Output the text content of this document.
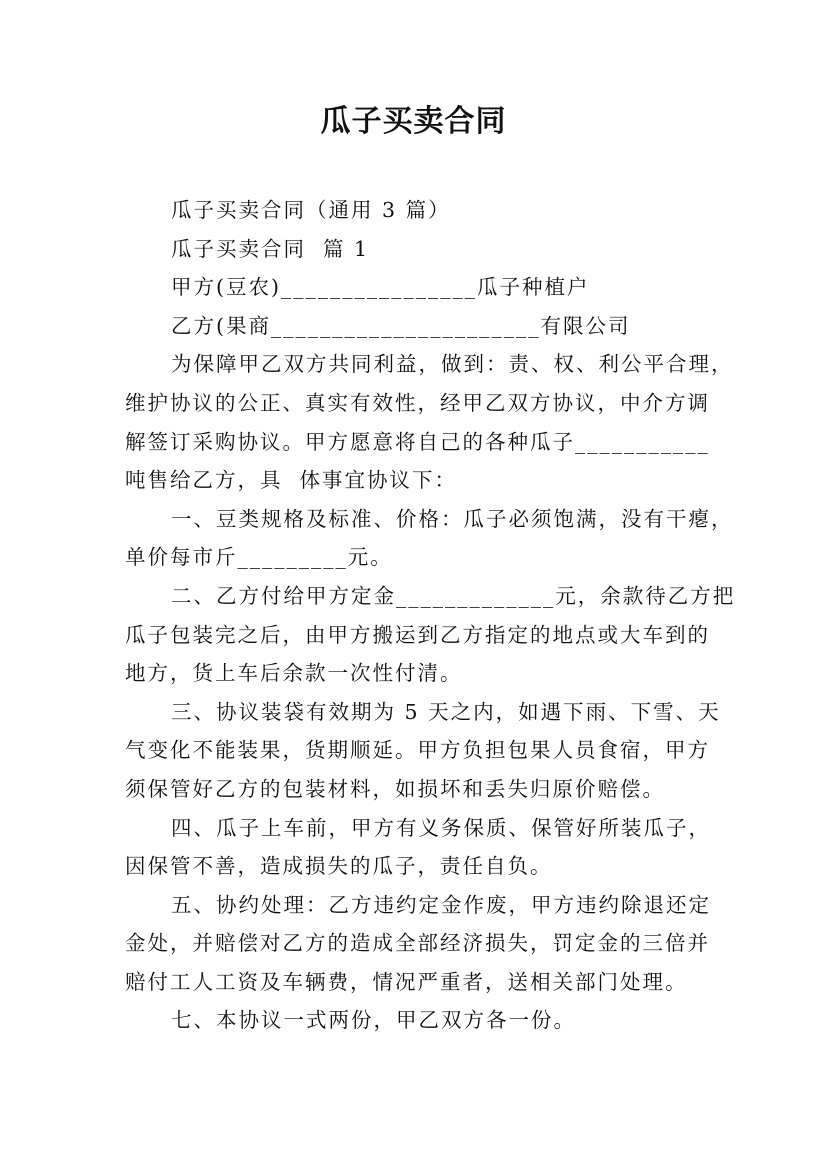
瓜子买卖合同
瓜子买卖合同（通用 3 篇）
瓜子买卖合同  篇 1
甲方(豆农)________________瓜子种植户
乙方(果商______________________有限公司
为保障甲乙双方共同利益，做到：责、权、利公平合理，
维护协议的公正、真实有效性，经甲乙双方协议，中介方调
解签订采购协议。甲方愿意将自己的各种瓜子___________
吨售给乙方，具  体事宜协议下：
一、豆类规格及标准、价格：瓜子必须饱满，没有干瘪，
单价每市斤_________元。
二、乙方付给甲方定金_____________元，余款待乙方把
瓜子包装完之后，由甲方搬运到乙方指定的地点或大车到的
地方，货上车后余款一次性付清。
三、协议装袋有效期为 5 天之内，如遇下雨、下雪、天
气变化不能装果，货期顺延。甲方负担包果人员食宿，甲方
须保管好乙方的包装材料，如损坏和丢失归原价赔偿。
四、瓜子上车前，甲方有义务保质、保管好所装瓜子，
因保管不善，造成损失的瓜子，责任自负。
五、协约处理：乙方违约定金作废，甲方违约除退还定
金处，并赔偿对乙方的造成全部经济损失，罚定金的三倍并
赔付工人工资及车辆费，情况严重者，送相关部门处理。
七、本协议一式两份，甲乙双方各一份。
